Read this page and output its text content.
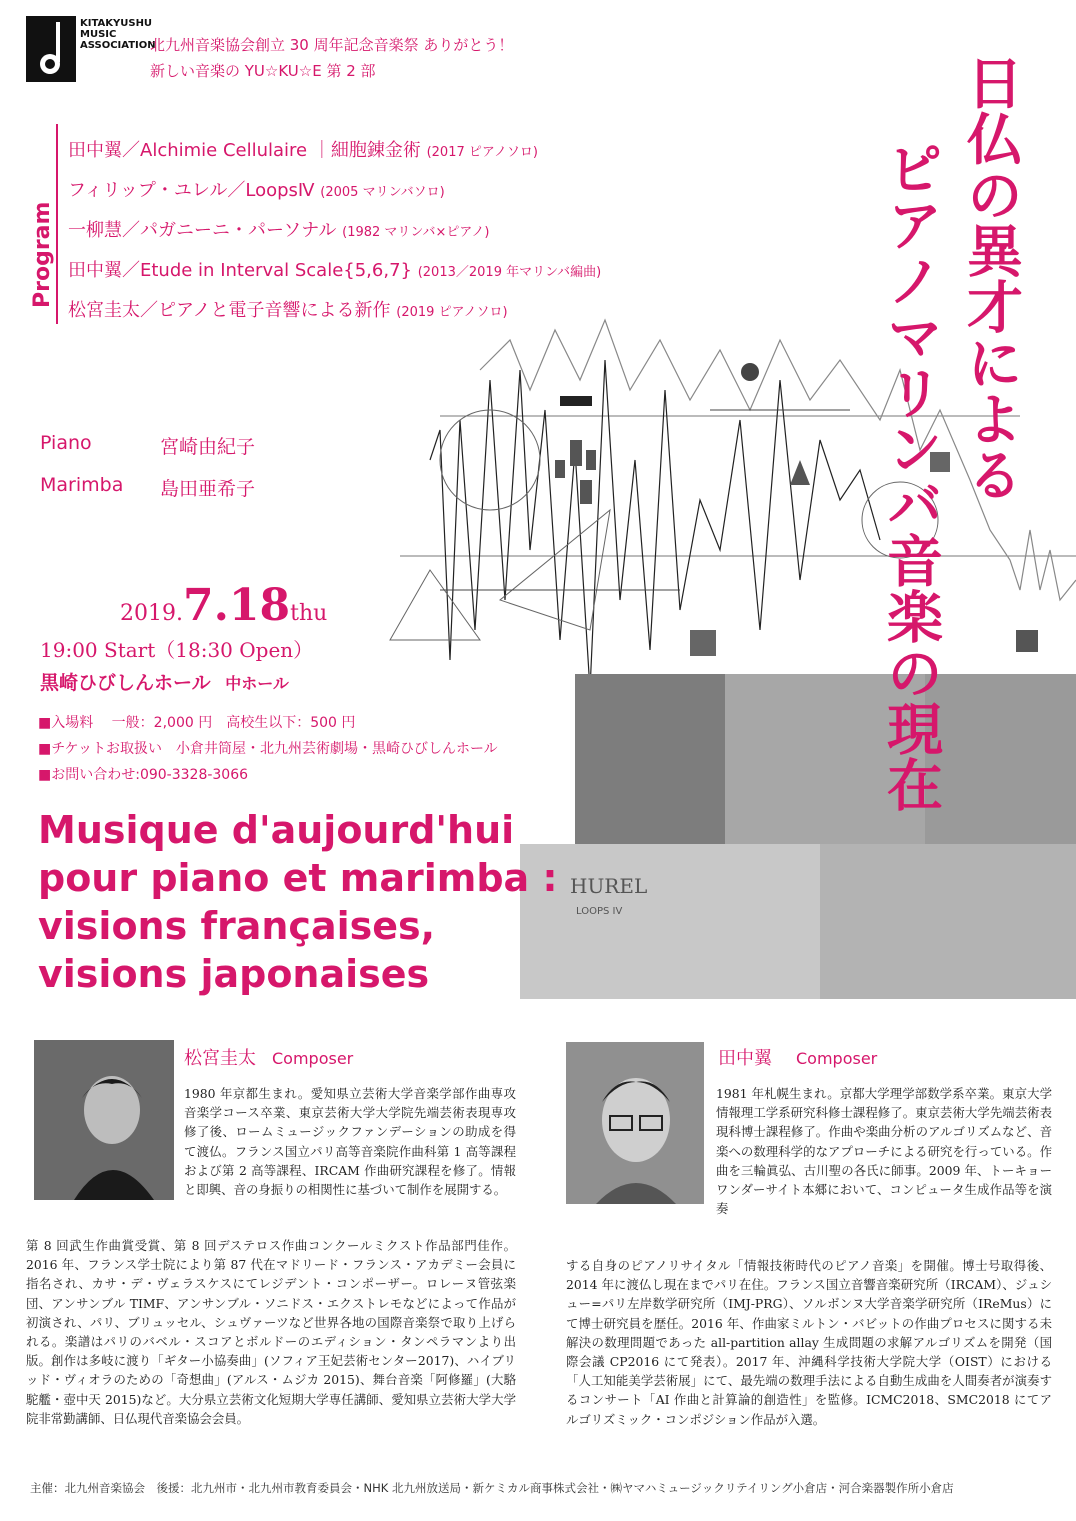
KITAKYUSHU
MUSIC
ASSOCIATION
北九州音楽協会創立 30 周年記念音楽祭 ありがとう！
新しい音楽の YU☆KU☆E 第 2 部
Program
田中翼／Alchimie Cellulaire ｜細胞錬金術 (2017 ピアノソロ)
フィリップ・ユレル／LoopsⅣ (2005 マリンバソロ)
一柳慧／パガニーニ・パーソナル (1982 マリンバ×ピアノ)
田中翼／Etude in Interval Scale{5,6,7} (2013／2019 年マリンバ編曲)
松宮圭太／ピアノと電子音響による新作 (2019 ピアノソロ)
HUREL
LOOPS IV
日仏の異才による
ピアノマリンバ音楽の現在
Piano	宮崎由紀子
Marimba 島田亜希子
2019.7.18thu
19:00 Start（18:30 Open）
黒崎ひびしんホール 中ホール
■入場料　 一般：2,000 円　高校生以下：500 円
■チケットお取扱い　小倉井筒屋・北九州芸術劇場・黒崎ひびしんホール
■お問い合わせ:090-3328-3066
Musique d'aujourd'hui
pour piano et marimba :
visions françaises,
visions japonaises
松宮圭太 Composer
1980 年京都生まれ。愛知県立芸術大学音楽学部作曲専攻音楽学コース卒業、東京芸術大学大学院先端芸術表現専攻修了後、ロームミュージックファンデーションの助成を得て渡仏。フランス国立パリ高等音楽院作曲科第 1 高等課程および第 2 高等課程、IRCAM 作曲研究課程を修了。情報と即興、音の身振りの相関性に基づいて制作を展開する。
第 8 回武生作曲賞受賞、第 8 回デステロス作曲コンクールミクスト作品部門佳作。2016 年、フランス学士院により第 87 代在マドリード・フランス・アカデミー会員に指名され、カサ・デ・ヴェラスケスにてレジデント・コンポーザー。ロレーヌ管弦楽団、アンサンブル TIMF、アンサンブル・ソニドス・エクストレモなどによって作品が初演され、パリ、ブリュッセル、シュヴァーツなど世界各地の国際音楽祭で取り上げられる。楽譜はパリのバベル・スコアとボルドーのエディション・タンペラマンより出版。創作は多岐に渡り「ギター小協奏曲」(ソフィア王妃芸術センター2017)、ハイブリッド・ヴィオラのための「奇想曲」(アルス・ムジカ 2015)、舞台音楽「阿修羅」(大駱駝艦・壺中天 2015)など。大分県立芸術文化短期大学専任講師、愛知県立芸術大学大学院非常勤講師、日仏現代音楽協会会員。
田中翼 Composer
1981 年札幌生まれ。京都大学理学部数学系卒業。東京大学情報理工学系研究科修士課程修了。東京芸術大学先端芸術表現科博士課程修了。作曲や楽曲分析のアルゴリズムなど、音楽への数理科学的なアプローチによる研究を行っている。作曲を三輪眞弘、古川聖の各氏に師事。2009 年、トーキョーワンダーサイト本郷において、コンピュータ生成作品等を演奏
する自身のピアノリサイタル「情報技術時代のピアノ音楽」を開催。博士号取得後、2014 年に渡仏し現在までパリ在住。フランス国立音響音楽研究所（IRCAM）、ジュシュー=パリ左岸数学研究所（IMJ-PRG）、ソルボンヌ大学音楽学研究所（IReMus）にて博士研究員を歴任。2016 年、作曲家ミルトン・バビットの作曲プロセスに関する未解決の数理問題であった all-partition allay 生成問題の求解アルゴリズムを開発（国際会議 CP2016 にて発表）。2017 年、沖縄科学技術大学院大学（OIST）における「人工知能美学芸術展」にて、最先端の数理手法による自動生成曲を人間奏者が演奏するコンサート「AI 作曲と計算論的創造性」を監修。ICMC2018、SMC2018 にてアルゴリズミック・コンポジション作品が入選。
主催：北九州音楽協会　後援：北九州市・北九州市教育委員会・NHK 北九州放送局・新ケミカル商事株式会社・㈱ヤマハミュージックリテイリング小倉店・河合楽器製作所小倉店
